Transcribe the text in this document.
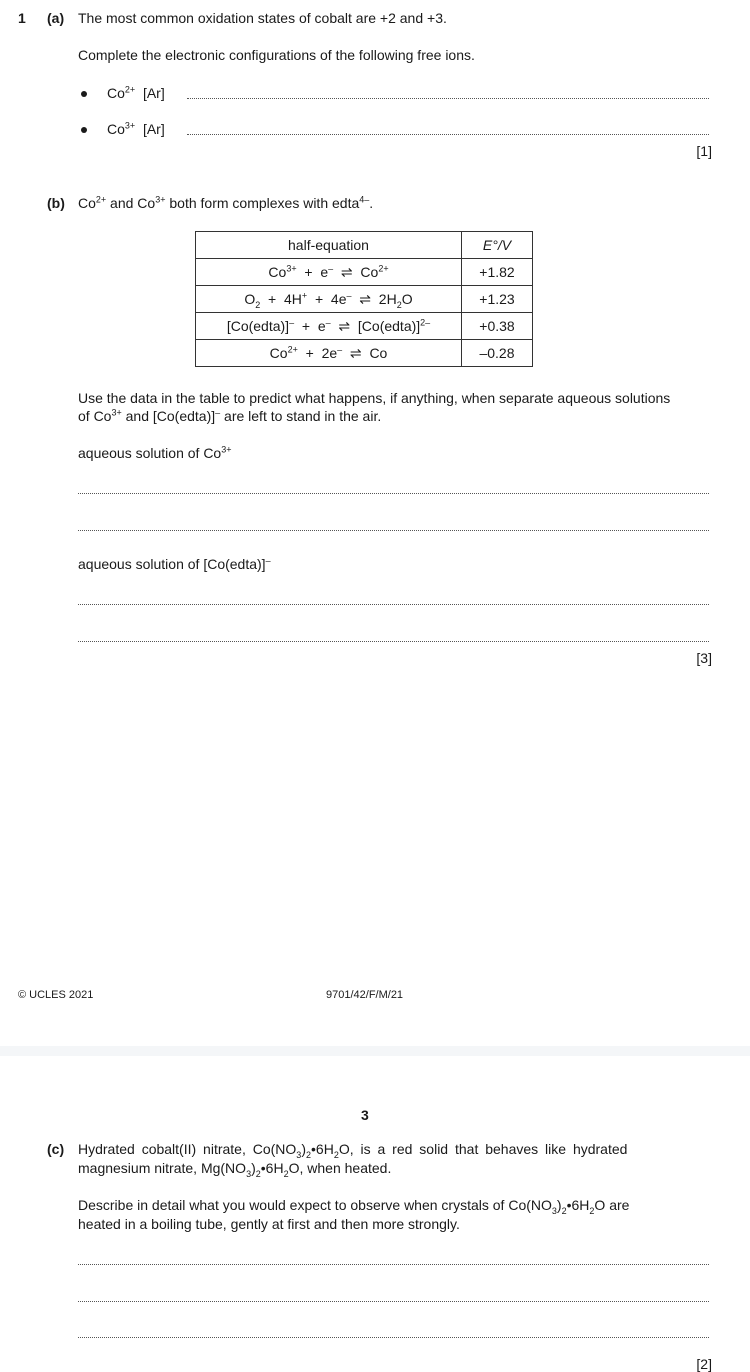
1 (a) The most common oxidation states of cobalt are +2 and +3.
Complete the electronic configurations of the following free ions.
$Co^{2+}$ [Ar]
$Co^{3+}$ [Ar]
[1]
(b) $Co^{2+}$ and $Co^{3+}$ both form complexes with edta$^{4-}$.
half-equation	E°/V
$Co^{3+} + e^-$  ⇌  $Co^{2+}$	+1.82
$O_2 + 4H^+ + 4e^-$  ⇌  $2H_2O$	+1.23
[Co(edta)]–  +  e–  ⇌  [Co(edta)]$^{2-}$	+0.38
$Co^{2+} + 2e^-$  ⇌  Co	–0.28
Use the data in the table to predict what happens, if anything, when separate aqueous solutions
of $Co^{3+}$ and [Co(edta)]– are left to stand in the air.
aqueous solution of $Co^{3+}$
aqueous solution of [Co(edta)]–
[3]
© UCLES 2021	9701/42/F/M/21
3
(c) Hydrated cobalt(II) nitrate, $Co(NO_3)_2•6H_2O$, is a red solid that behaves like hydrated
magnesium nitrate, $Mg(NO_3)_2•6H_2O$, when heated.
Describe in detail what you would expect to observe when crystals of $Co(NO_3)_2•6H_2O$ are
heated in a boiling tube, gently at first and then more strongly.
[2]
